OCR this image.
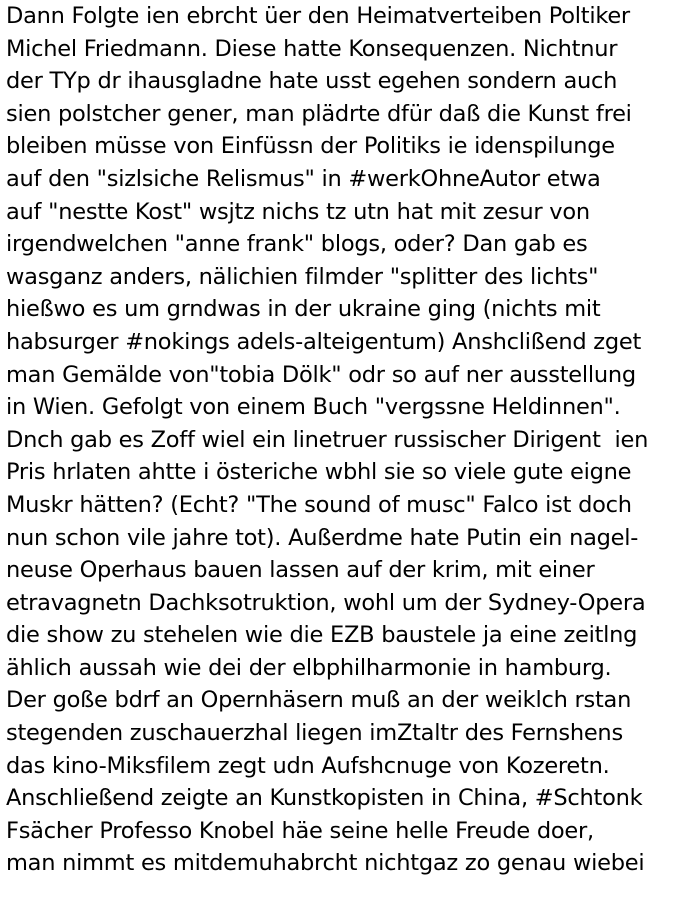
Dann Folgte ien ebrcht üer den Heimatverteiben Poltiker
Michel Friedmann. Diese hatte Konsequenzen. Nichtnur
der TYp dr ihausgladne hate usst egehen sondern auch
sien polstcher gener, man plädrte dfür daß die Kunst frei
bleiben müsse von Einfüssn der Politiks ie idenspilunge
auf den "sizlsiche Relismus" in #werkOhneAutor etwa
auf "nestte Kost" wsjtz nichs tz utn hat mit zesur von
irgendwelchen "anne frank" blogs, oder? Dan gab es
wasganz anders, nälichien filmder "splitter des lichts"
hießwo es um grndwas in der ukraine ging (nichts mit
habsurger #nokings adels-alteigentum) Anshclißend zget
man Gemälde von"tobia Dölk" odr so auf ner ausstellung
in Wien. Gefolgt von einem Buch "vergssne Heldinnen".
Dnch gab es Zoff wiel ein linetruer russischer Dirigent  ien
Pris hrlaten ahtte i österiche wbhl sie so viele gute eigne
Muskr hätten? (Echt? "The sound of musc" Falco ist doch
nun schon vile jahre tot). Außerdme hate Putin ein nagel-
neuse Operhaus bauen lassen auf der krim, mit einer
etravagnetn Dachksotruktion, wohl um der Sydney-Opera
die show zu stehelen wie die EZB baustele ja eine zeitlng
ählich aussah wie dei der elbphilharmonie in hamburg.
Der goße bdrf an Opernhäsern muß an der weiklch rstan
stegenden zuschauerzhal liegen imZtaltr des Fernshens
das kino-Miksfilem zegt udn Aufshcnuge von Kozeretn.
Anschließend zeigte an Kunstkopisten in China, #Schtonk
Fsächer Professo Knobel häe seine helle Freude doer,
man nimmt es mitdemuhabrcht nichtgaz zo genau wiebei
